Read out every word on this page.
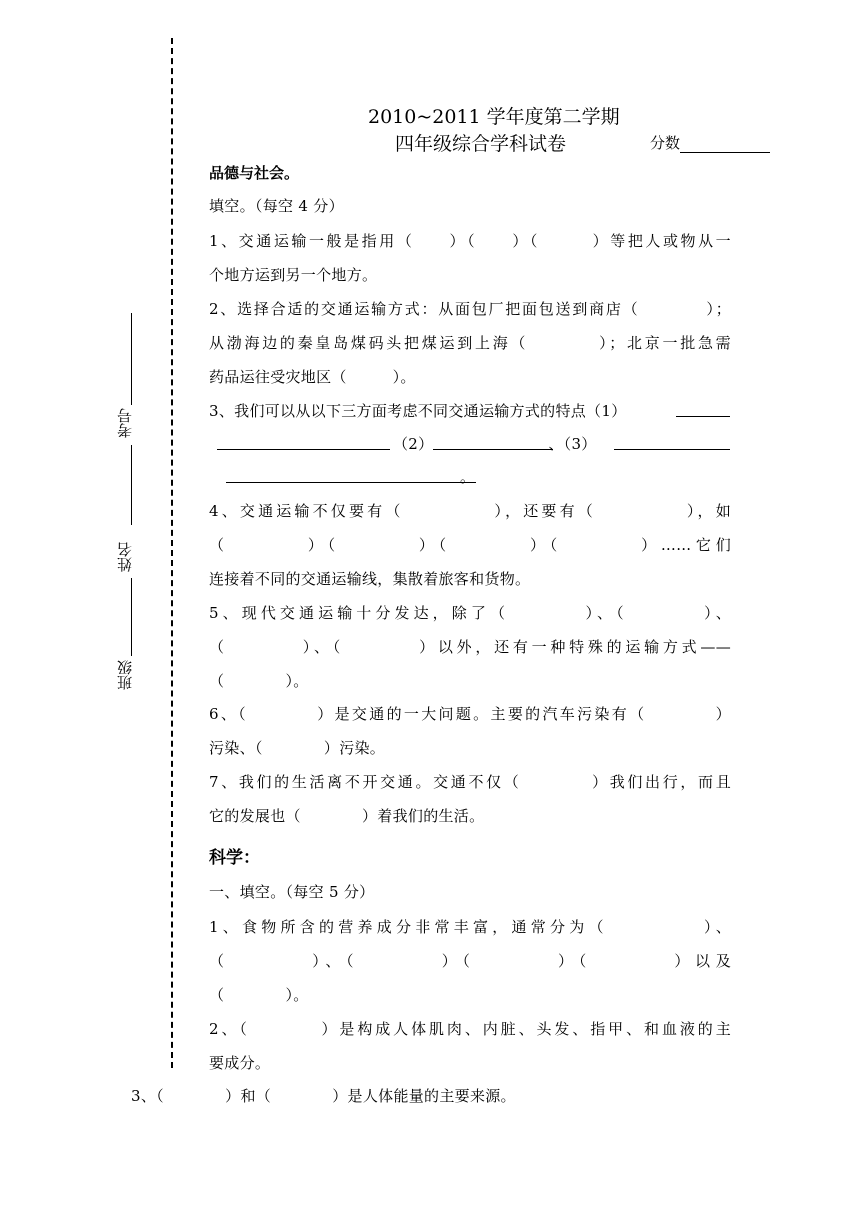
考号
姓名
班级
2010~2011 学年度第二学期
四年级综合学科试卷	分数
品德与社会。
填空。（每空 4 分）
1、交通运输一般是指用（　　）（　　）（　　　）等把人或物从一
个地方运到另一个地方。
2、选择合适的交通运输方式：从面包厂把面包送到商店（　　　　）；
从渤海边的秦皇岛煤码头把煤运到上海（　　　　）；北京一批急需
药品运往受灾地区（　　　）。
3、我们可以从以下三方面考虑不同交通运输方式的特点（1）
（2）　　　　　　　　、（3）
。
4、交通运输不仅要有（　　　　　），还要有（　　　　　），如
（　　　　）（　　　　）（　　　　）（　　　　）……它们
连接着不同的交通运输线，集散着旅客和货物。
5、现代交通运输十分发达，除了（　　　　）、（　　　　）、
（　　　　）、（　　　　）以外，还有一种特殊的运输方式——
（　　　　）。
6、（　　　　）是交通的一大问题。主要的汽车污染有（　　　　）
污染、（　　　　）污染。
7、我们的生活离不开交通。交通不仅（　　　　）我们出行，而且
它的发展也（　　　　）着我们的生活。
科学：
一、填空。（每空 5 分）
1、食物所含的营养成分非常丰富，通常分为（　　　　　）、
（　　　　）、（　　　　）（　　　　）（　　　　）以及
（　　　　）。
2、（　　　　）是构成人体肌肉、内脏、头发、指甲、和血液的主
要成分。
3、（　　　　）和（　　　　）是人体能量的主要来源。
